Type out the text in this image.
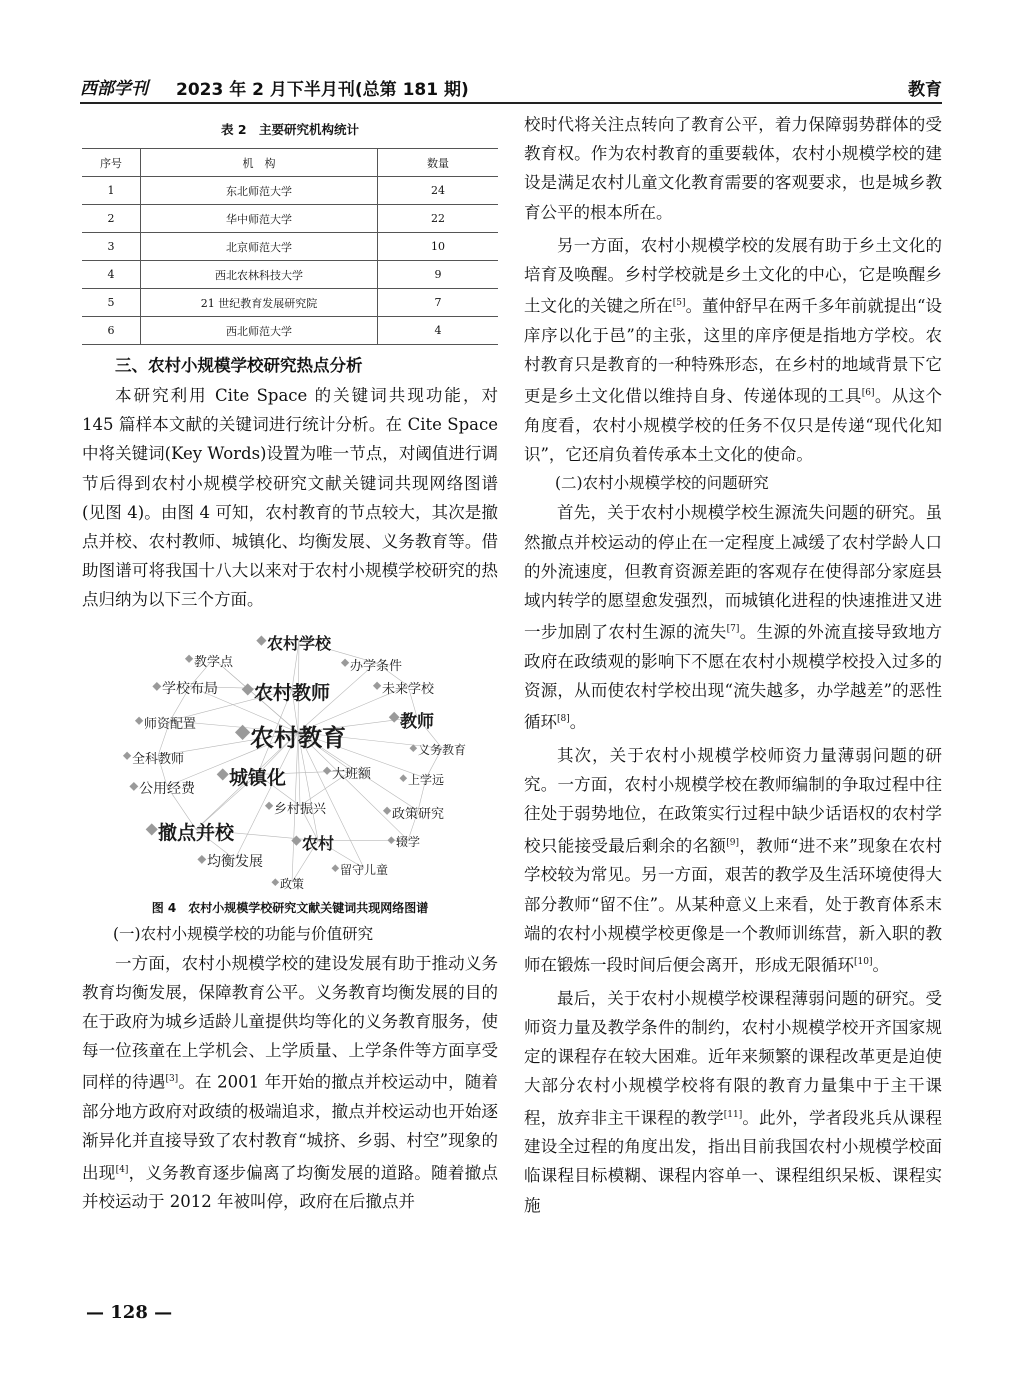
西部学刊 2023 年 2 月下半月刊(总第 181 期)	教育
表 2　主要研究机构统计
序号	机　构	数量
1	东北师范大学	24
2	华中师范大学	22
3	北京师范大学	10
4	西北农林科技大学	9
5	21 世纪教育发展研究院	7
6	西北师范大学	4

三、农村小规模学校研究热点分析

本研究利用 Cite Space 的关键词共现功能，对 145 篇样本文献的关键词进行统计分析。在 Cite Space 中将关键词(Key Words)设置为唯一节点，对阈值进行调节后得到农村小规模学校研究文献关键词共现网络图谱(见图 4)。由图 4 可知，农村教育的节点较大，其次是撤点并校、农村教师、城镇化、均衡发展、义务教育等。借助图谱可将我国十八大以来对于农村小规模学校研究的热点归纳为以下三个方面。

农村学校
教学点	办学条件
学校布局 农村教师	未来学校
师资配置 农村教育
教师
义务教育
全科教师
大班额
城镇化	上学远
公用经费
乡村振兴	政策研究
撤点并校	辍学
均衡发展
农村
留守儿童
政策
图 4　农村小规模学校研究文献关键词共现网络图谱

(一)农村小规模学校的功能与价值研究

一方面，农村小规模学校的建设发展有助于推动义务教育均衡发展，保障教育公平。义务教育均衡发展的目的在于政府为城乡适龄儿童提供均等化的义务教育服务，使每一位孩童在上学机会、上学质量、上学条件等方面享受同样的待遇[3]。在 2001 年开始的撤点并校运动中，随着部分地方政府对政绩的极端追求，撤点并校运动也开始逐渐异化并直接导致了农村教育“城挤、乡弱、村空”现象的出现[4]，义务教育逐步偏离了均衡发展的道路。随着撤点并校运动于 2012 年被叫停，政府在后撤点并

校时代将关注点转向了教育公平，着力保障弱势群体的受教育权。作为农村教育的重要载体，农村小规模学校的建设是满足农村儿童文化教育需要的客观要求，也是城乡教育公平的根本所在。

另一方面，农村小规模学校的发展有助于乡土文化的培育及唤醒。乡村学校就是乡土文化的中心，它是唤醒乡土文化的关键之所在[5]。董仲舒早在两千多年前就提出“设庠序以化于邑”的主张，这里的庠序便是指地方学校。农村教育只是教育的一种特殊形态，在乡村的地域背景下它更是乡土文化借以维持自身、传递体现的工具[6]。从这个角度看，农村小规模学校的任务不仅只是传递“现代化知识”，它还肩负着传承本土文化的使命。

(二)农村小规模学校的问题研究

首先，关于农村小规模学校生源流失问题的研究。虽然撤点并校运动的停止在一定程度上减缓了农村学龄人口的外流速度，但教育资源差距的客观存在使得部分家庭县域内转学的愿望愈发强烈，而城镇化进程的快速推进又进一步加剧了农村生源的流失[7]。生源的外流直接导致地方政府在政绩观的影响下不愿在农村小规模学校投入过多的资源，从而使农村学校出现“流失越多，办学越差”的恶性循环[8]。

其次，关于农村小规模学校师资力量薄弱问题的研究。一方面，农村小规模学校在教师编制的争取过程中往往处于弱势地位，在政策实行过程中缺少话语权的农村学校只能接受最后剩余的名额[9]，教师“进不来”现象在农村学校较为常见。另一方面，艰苦的教学及生活环境使得大部分教师“留不住”。从某种意义上来看，处于教育体系末端的农村小规模学校更像是一个教师训练营，新入职的教师在锻炼一段时间后便会离开，形成无限循环[10]。

最后，关于农村小规模学校课程薄弱问题的研究。受师资力量及教学条件的制约，农村小规模学校开齐国家规定的课程存在较大困难。近年来频繁的课程改革更是迫使大部分农村小规模学校将有限的教育力量集中于主干课程，放弃非主干课程的教学[11]。此外，学者段兆兵从课程建设全过程的角度出发，指出目前我国农村小规模学校面临课程目标模糊、课程内容单一、课程组织呆板、课程实施

— 128 —
